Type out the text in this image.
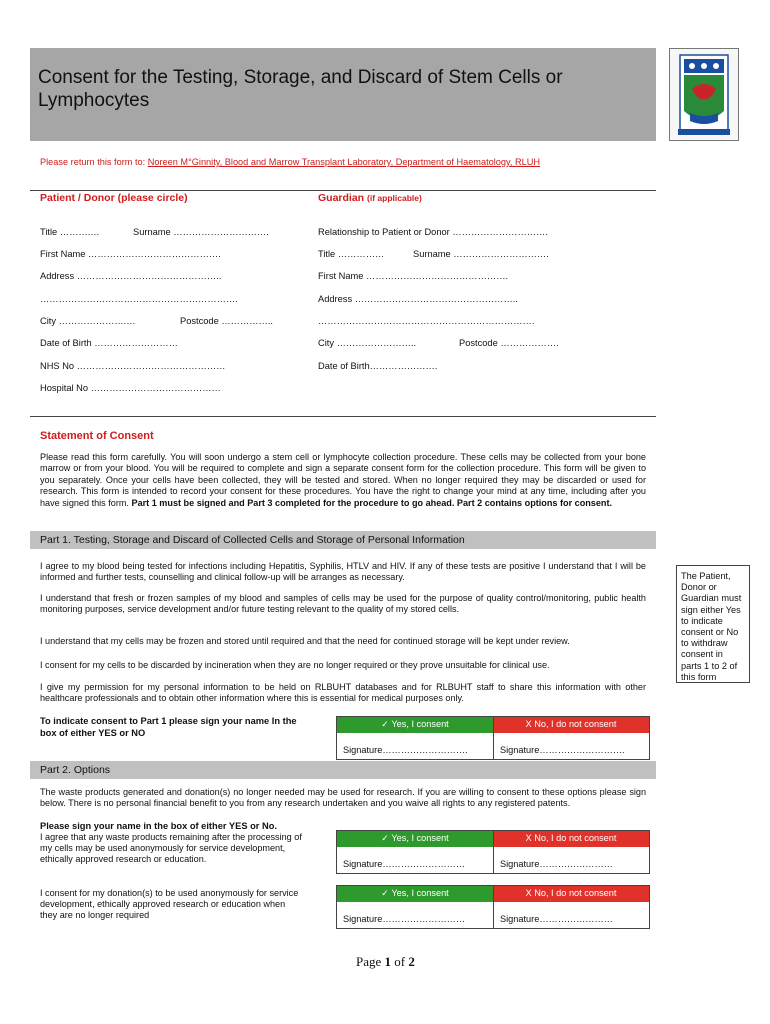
Consent for the Testing, Storage, and Discard of Stem Cells or Lymphocytes
Please return this form to: Noreen M°Ginnity, Blood and Marrow Transplant Laboratory, Department of Haematology, RLUH
Patient / Donor (please circle)	Guardian (if applicable)
Title ……….…	Surname ………………………….
First Name …………………………………….
Address ………………………………………..
……………………………………………………….
City ………………….…	Postcode ……………..
Date of Birth ………………………
NHS No …………………………………………
Hospital No ……………………………………
Relationship to Patient or Donor ………………………….
Title ……………	Surname ………………………….
First Name ……………………………………….
Address ……………………………………………..
…………………………………………………………….
City ……………………..	Postcode ……………….
Date of Birth………………….
Statement of Consent
Please read this form carefully. You will soon undergo a stem cell or lymphocyte collection procedure. These cells may be collected from your bone marrow or from your blood. You will be required to complete and sign a separate consent form for the collection procedure. This form will be given to you separately. Once your cells have been collected, they will be tested and stored. When no longer required they may be discarded or used for research. This form is intended to record your consent for these procedures. You have the right to change your mind at any time, including after you have signed this form. Part 1 must be signed and Part 3 completed for the procedure to go ahead. Part 2 contains options for consent.
Part 1. Testing, Storage and Discard of Collected Cells and Storage of Personal Information
I agree to my blood being tested for infections including Hepatitis, Syphilis, HTLV and HIV. If any of these tests are positive I understand that I will be informed and further tests, counselling and clinical follow-up will be arranges as necessary.
I understand that fresh or frozen samples of my blood and samples of cells may be used for the purpose of quality control/monitoring, public health monitoring purposes, service development and/or future testing relevant to the quality of my stored cells.
I understand that my cells may be frozen and stored until required and that the need for continued storage will be kept under review.
I consent for my cells to be discarded by incineration when they are no longer required or they prove unsuitable for clinical use.
I give my permission for my personal information to be held on RLBUHT databases and for RLBUHT staff to share this information with other healthcare professionals and to obtain other information where this is essential for medical purposes only.
The Patient, Donor or Guardian must sign either Yes to indicate consent or No to withdraw consent in parts 1 to 2 of this form
To indicate consent to Part 1 please sign your name In the box of either YES or NO
✓ Yes, I consent	X No, I do not consent
Signature……………………….	Signature……………………….
Part 2. Options
The waste products generated and donation(s) no longer needed may be used for research. If you are willing to consent to these options please sign below. There is no personal financial benefit to you from any research undertaken and you waive all rights to any registered patents.
Please sign your name in the box of either YES or No.
I agree that any waste products remaining after the processing of my cells may be used anonymously for service development, ethically approved research or education.
I consent for my donation(s) to be used anonymously for service development, ethically approved research or education when they are no longer required
✓ Yes, I consent	X No, I do not consent
Signature………………………	Signature……………………
✓ Yes, I consent	X No, I do not consent
Signature………………………	Signature……………………
Page 1 of 2
